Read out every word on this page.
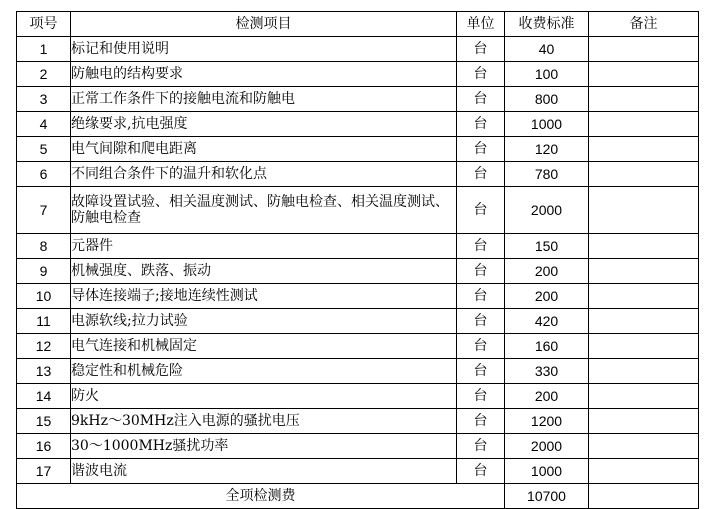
项号	检测项目	单位	收费标准	备注
1	标记和使用说明	台	40	
2	防触电的结构要求	台	100	
3	正常工作条件下的接触电流和防触电	台	800	
4	绝缘要求,抗电强度	台	1000	
5	电气间隙和爬电距离	台	120	
6	不同组合条件下的温升和软化点	台	780	
7	故障设置试验、相关温度测试、防触电检查、相关温度测试、防触电检查	台	2000	
8	元器件	台	150	
9	机械强度、跌落、振动	台	200	
10	导体连接端子;接地连续性测试	台	200	
11	电源软线;拉力试验	台	420	
12	电气连接和机械固定	台	160	
13	稳定性和机械危险	台	330	
14	防火	台	200	
15	9kHz～30MHz注入电源的骚扰电压	台	1200	
16	30～1000MHz骚扰功率	台	2000	
17	谐波电流	台	1000	
全项检测费			10700	
